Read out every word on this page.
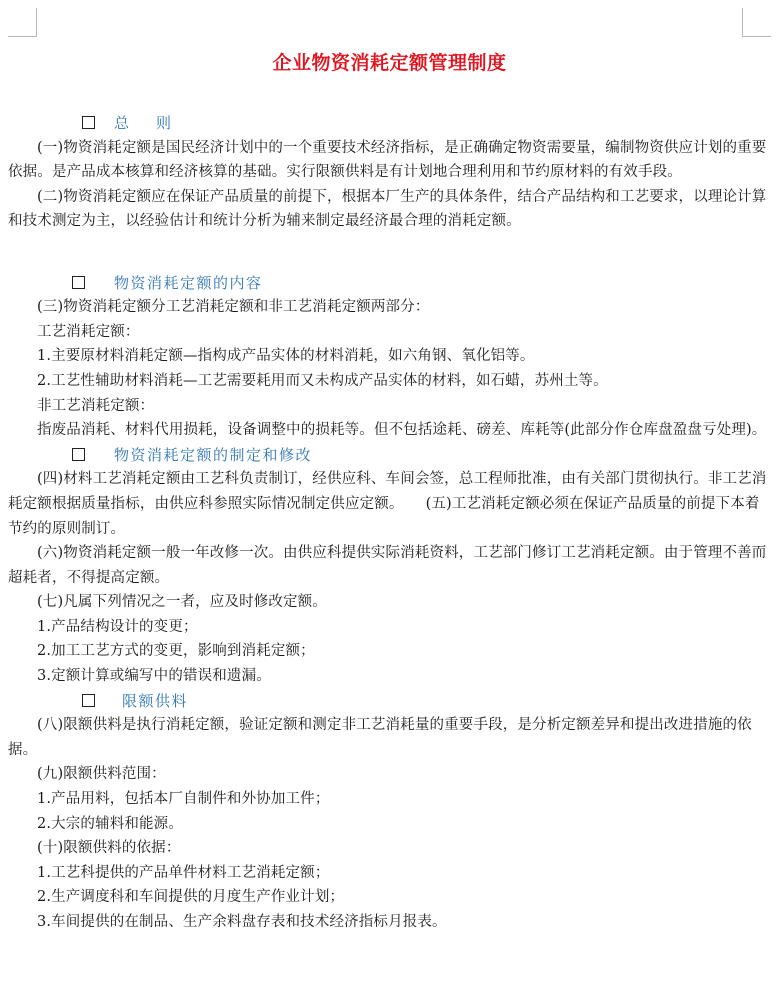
企业物资消耗定额管理制度
总　则

(一)物资消耗定额是国民经济计划中的一个重要技术经济指标，是正确确定物资需要量，编制物资供应计划的重要依据。是产品成本核算和经济核算的基础。实行限额供料是有计划地合理利用和节约原材料的有效手段。

(二)物资消耗定额应在保证产品质量的前提下，根据本厂生产的具体条件，结合产品结构和工艺要求，以理论计算和技术测定为主，以经验估计和统计分析为辅来制定最经济最合理的消耗定额。

物资消耗定额的内容

(三)物资消耗定额分工艺消耗定额和非工艺消耗定额两部分：

工艺消耗定额：

1.主要原材料消耗定额—指构成产品实体的材料消耗，如六角钢、氧化铝等。

2.工艺性辅助材料消耗—工艺需要耗用而又未构成产品实体的材料，如石蜡，苏州土等。

非工艺消耗定额：

指废品消耗、材料代用损耗，设备调整中的损耗等。但不包括途耗、磅差、库耗等(此部分作仓库盘盈盘亏处理)。

物资消耗定额的制定和修改

(四)材料工艺消耗定额由工艺科负责制订，经供应科、车间会签，总工程师批准，由有关部门贯彻执行。非工艺消耗定额根据质量指标，由供应科参照实际情况制定供应定额。　　(五)工艺消耗定额必须在保证产品质量的前提下本着节约的原则制订。

(六)物资消耗定额一般一年改修一次。由供应科提供实际消耗资料，工艺部门修订工艺消耗定额。由于管理不善而超耗者，不得提高定额。

(七)凡属下列情况之一者，应及时修改定额。

1.产品结构设计的变更；

2.加工工艺方式的变更，影响到消耗定额；

3.定额计算或编写中的错误和遗漏。

限额供料

(八)限额供料是执行消耗定额，验证定额和测定非工艺消耗量的重要手段，是分析定额差异和提出改进措施的依据。

(九)限额供料范围：

1.产品用料，包括本厂自制件和外协加工件；

2.大宗的辅料和能源。

(十)限额供料的依据：

1.工艺科提供的产品单件材料工艺消耗定额；

2.生产调度科和车间提供的月度生产作业计划；

3.车间提供的在制品、生产余料盘存表和技术经济指标月报表。
